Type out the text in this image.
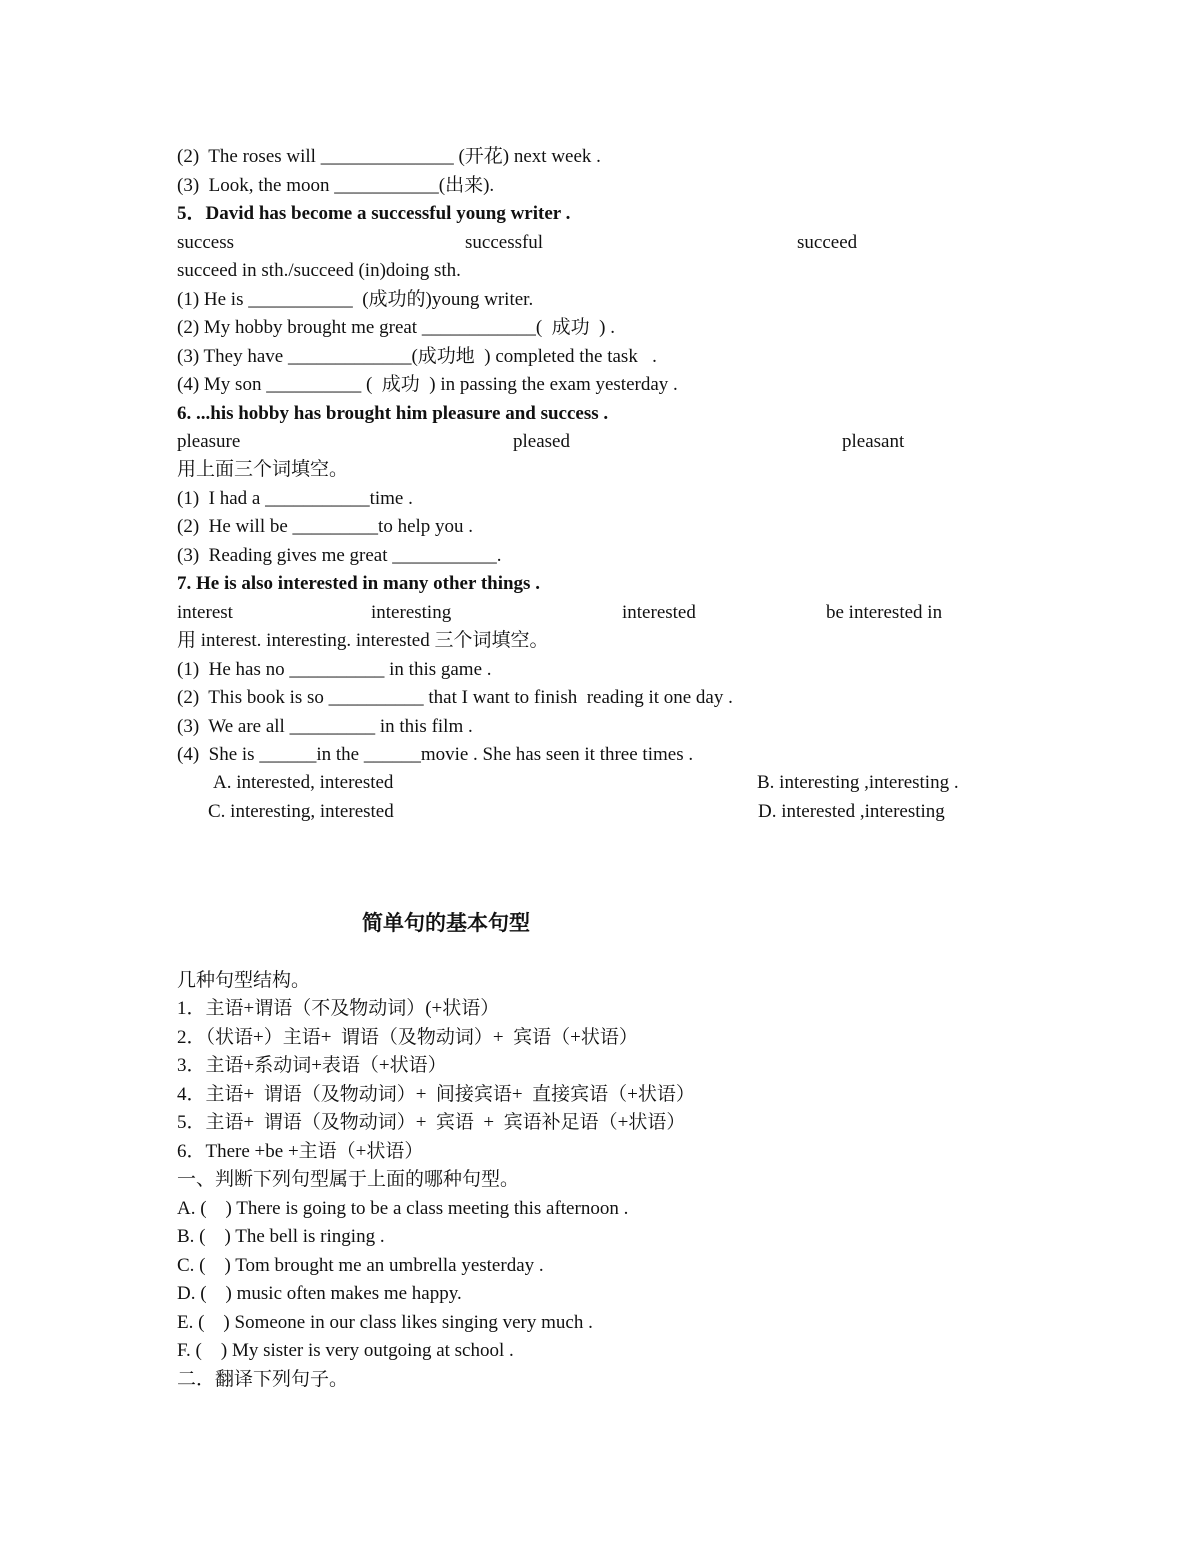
(2)  The roses will ______________ (开花) next week .
(3)  Look, the moon ___________(出来).
5．David has become a successful young writer .
success	successful	succeed
succeed in sth./succeed (in)doing sth.
(1) He is ___________  (成功的)young writer.
(2) My hobby brought me great ____________(  成功  ) .
(3) They have _____________(成功地  ) completed the task   .
(4) My son __________ (  成功  ) in passing the exam yesterday .
6. ...his hobby has brought him pleasure and success .
pleasure	pleased	pleasant
用上面三个词填空。
(1)  I had a ___________time .
(2)  He will be _________to help you .
(3)  Reading gives me great ___________.
7. He is also interested in many other things .
interest	interesting	interested	be interested in
用 interest. interesting. interested 三个词填空。
(1)  He has no __________ in this game .
(2)  This book is so __________ that I want to finish  reading it one day .
(3)  We are all _________ in this film .
(4)  She is ______in the ______movie . She has seen it three times .
A. interested, interested	B. interesting ,interesting .
C. interesting, interested	D. interested ,interesting
简单句的基本句型
几种句型结构。
1．主语+谓语（不及物动词）(+状语）
2．（状语+）主语+  谓语（及物动词）+  宾语（+状语）
3．主语+系动词+表语（+状语）
4．主语+  谓语（及物动词）+  间接宾语+  直接宾语（+状语）
5．主语+  谓语（及物动词）+  宾语  +  宾语补足语（+状语）
6．There +be +主语（+状语）
一、判断下列句型属于上面的哪种句型。
A. (    ) There is going to be a class meeting this afternoon .
B. (    ) The bell is ringing .
C. (    ) Tom brought me an umbrella yesterday .
D. (    ) music often makes me happy.
E. (    ) Someone in our class likes singing very much .
F. (    ) My sister is very outgoing at school .
二．翻译下列句子。
